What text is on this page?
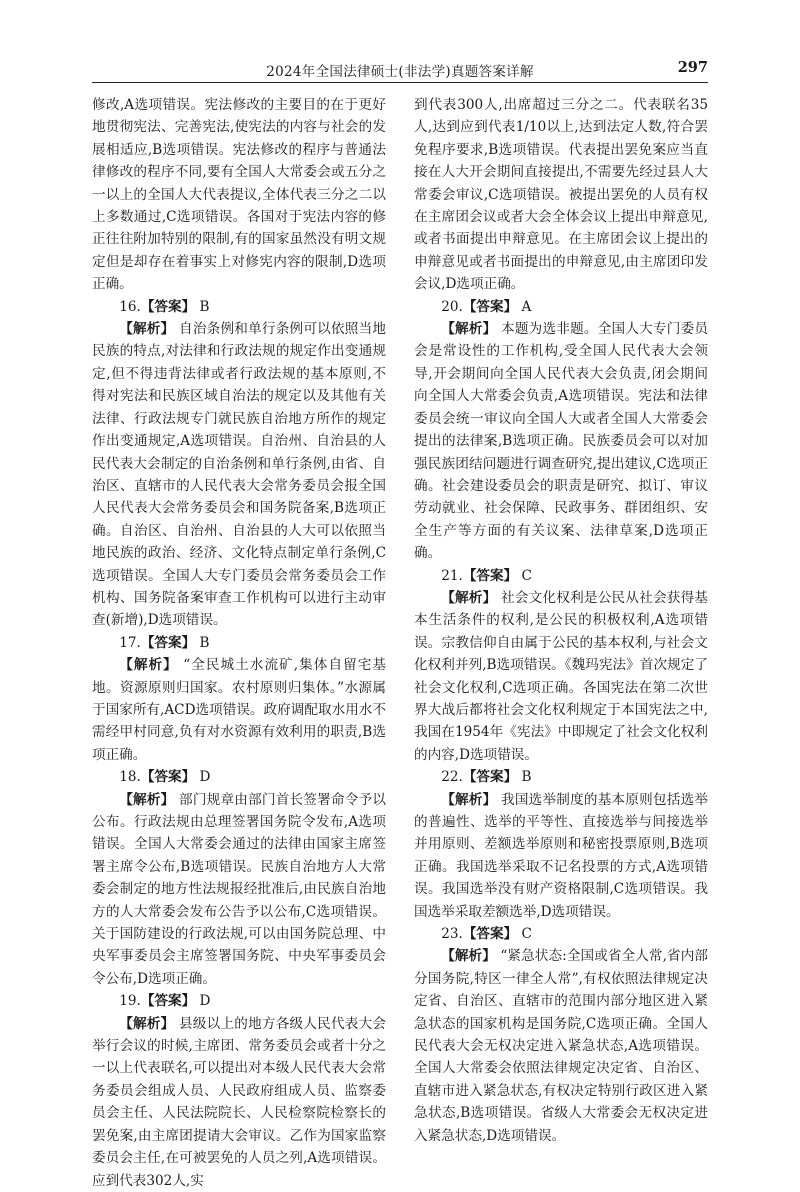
2024年全国法律硕士(非法学)真题答案详解	297

修改,A选项错误。宪法修改的主要目的在于更好地贯彻宪法、完善宪法,使宪法的内容与社会的发展相适应,B选项错误。宪法修改的程序与普通法律修改的程序不同,要有全国人大常委会或五分之一以上的全国人大代表提议,全体代表三分之二以上多数通过,C选项错误。各国对于宪法内容的修正往往附加特别的限制,有的国家虽然没有明文规定但是却存在着事实上对修宪内容的限制,D选项正确。

16.【答案】 B

【解析】 自治条例和单行条例可以依照当地民族的特点,对法律和行政法规的规定作出变通规定,但不得违背法律或者行政法规的基本原则,不得对宪法和民族区域自治法的规定以及其他有关法律、行政法规专门就民族自治地方所作的规定作出变通规定,A选项错误。自治州、自治县的人民代表大会制定的自治条例和单行条例,由省、自治区、直辖市的人民代表大会常务委员会报全国人民代表大会常务委员会和国务院备案,B选项正确。自治区、自治州、自治县的人大可以依照当地民族的政治、经济、文化特点制定单行条例,C选项错误。全国人大专门委员会常务委员会工作机构、国务院备案审查工作机构可以进行主动审查(新增),D选项错误。

17.【答案】 B

【解析】 “全民城土水流矿,集体自留宅基地。资源原则归国家。农村原则归集体。”水源属于国家所有,ACD选项错误。政府调配取水用水不需经甲村同意,负有对水资源有效利用的职责,B选项正确。

18.【答案】 D

【解析】 部门规章由部门首长签署命令予以公布。行政法规由总理签署国务院令发布,A选项错误。全国人大常委会通过的法律由国家主席签署主席令公布,B选项错误。民族自治地方人大常委会制定的地方性法规报经批准后,由民族自治地方的人大常委会发布公告予以公布,C选项错误。关于国防建设的行政法规,可以由国务院总理、中央军事委员会主席签署国务院、中央军事委员会令公布,D选项正确。

19.【答案】 D

【解析】 县级以上的地方各级人民代表大会举行会议的时候,主席团、常务委员会或者十分之一以上代表联名,可以提出对本级人民代表大会常务委员会组成人员、人民政府组成人员、监察委员会主任、人民法院院长、人民检察院检察长的罢免案,由主席团提请大会审议。乙作为国家监察委员会主任,在可被罢免的人员之列,A选项错误。应到代表302人,实

到代表300人,出席超过三分之二。代表联名35人,达到应到代表1/10以上,达到法定人数,符合罢免程序要求,B选项错误。代表提出罢免案应当直接在人大开会期间直接提出,不需要先经过县人大常委会审议,C选项错误。被提出罢免的人员有权在主席团会议或者大会全体会议上提出申辩意见,或者书面提出申辩意见。在主席团会议上提出的申辩意见或者书面提出的申辩意见,由主席团印发会议,D选项正确。

20.【答案】 A

【解析】 本题为选非题。全国人大专门委员会是常设性的工作机构,受全国人民代表大会领导,开会期间向全国人民代表大会负责,闭会期间向全国人大常委会负责,A选项错误。宪法和法律委员会统一审议向全国人大或者全国人大常委会提出的法律案,B选项正确。民族委员会可以对加强民族团结问题进行调查研究,提出建议,C选项正确。社会建设委员会的职责是研究、拟订、审议劳动就业、社会保障、民政事务、群团组织、安全生产等方面的有关议案、法律草案,D选项正确。

21.【答案】 C

【解析】 社会文化权利是公民从社会获得基本生活条件的权利,是公民的积极权利,A选项错误。宗教信仰自由属于公民的基本权利,与社会文化权利并列,B选项错误。《魏玛宪法》首次规定了社会文化权利,C选项正确。各国宪法在第二次世界大战后都将社会文化权利规定于本国宪法之中,我国在1954年《宪法》中即规定了社会文化权利的内容,D选项错误。

22.【答案】 B

【解析】 我国选举制度的基本原则包括选举的普遍性、选举的平等性、直接选举与间接选举并用原则、差额选举原则和秘密投票原则,B选项正确。我国选举采取不记名投票的方式,A选项错误。我国选举没有财产资格限制,C选项错误。我国选举采取差额选举,D选项错误。

23.【答案】 C

【解析】 “紧急状态:全国或省全人常,省内部分国务院,特区一律全人常”,有权依照法律规定决定省、自治区、直辖市的范围内部分地区进入紧急状态的国家机构是国务院,C选项正确。全国人民代表大会无权决定进入紧急状态,A选项错误。全国人大常委会依照法律规定决定省、自治区、直辖市进入紧急状态,有权决定特别行政区进入紧急状态,B选项错误。省级人大常委会无权决定进入紧急状态,D选项错误。
